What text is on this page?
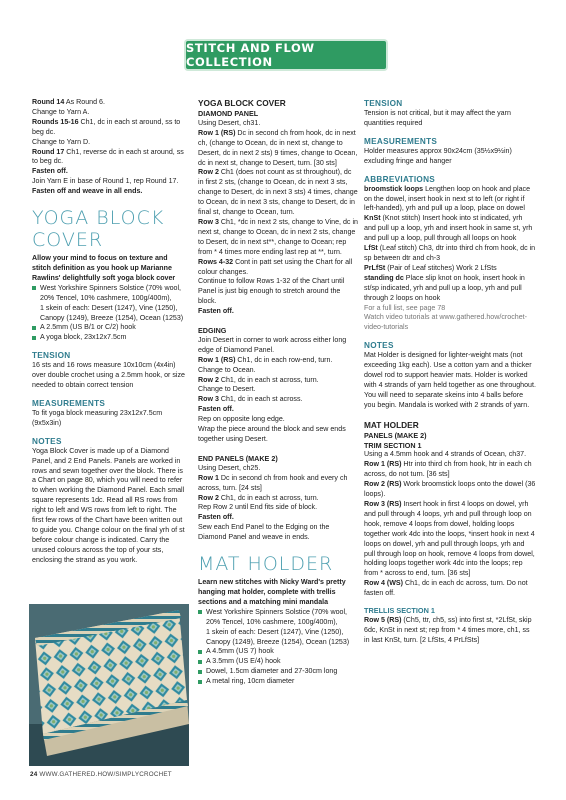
STITCH AND FLOW COLLECTION

Round 14 As Round 6.

Change to Yarn A.

Rounds 15-16 Ch1, dc in each st around, ss to beg dc.

Change to Yarn D.

Round 17 Ch1, reverse dc in each st around, ss to beg dc.

Fasten off.

Join Yarn E in base of Round 1, rep Round 17.

Fasten off and weave in all ends.

YOGA BLOCK COVER

Allow your mind to focus on texture and stitch definition as you hook up Marianne Rawlins' delightfully soft yoga block cover

West Yorkshire Spinners Solstice (70% wool, 20% Tencel, 10% cashmere, 100g/400m),
1 skein of each: Desert (1247), Vine (1250), Canopy (1249), Breeze (1254), Ocean (1253)

A 2.5mm (US B/1 or C/2) hook

A yoga block, 23x12x7.5cm

TENSION

16 sts and 16 rows measure 10x10cm (4x4in) over double crochet using a 2.5mm hook, or size needed to obtain correct tension

MEASUREMENTS

To fit yoga block measuring 23x12x7.5cm (9x5x3in)

NOTES

Yoga Block Cover is made up of a Diamond Panel, and 2 End Panels. Panels are worked in rows and sewn together over the block. There is a Chart on page 80, which you will need to refer to when working the Diamond Panel. Each small square represents 1dc. Read all RS rows from right to left and WS rows from left to right. The first few rows of the Chart have been written out to guide you. Change colour on the final yrh of st before colour change is indicated. Carry the unused colours across the top of your sts, enclosing the strand as you work.

YOGA BLOCK COVER
DIAMOND PANEL

Using Desert, ch31.

Row 1 (RS) Dc in second ch from hook, dc in next ch, (change to Ocean, dc in next st, change to Desert, dc in next 2 sts) 9 times, change to Ocean, dc in next st, change to Desert, turn. [30 sts]

Row 2 Ch1 (does not count as st throughout), dc in first 2 sts, (change to Ocean, dc in next 3 sts, change to Desert, dc in next 3 sts) 4 times, change to Ocean, dc in next 3 sts, change to Desert, dc in final st, change to Ocean, turn.

Row 3 Ch1, *dc in next 2 sts, change to Vine, dc in next st, change to Ocean, dc in next 2 sts, change to Desert, dc in next st**, change to Ocean; rep from * 4 times more ending last rep at **, turn.

Rows 4-32 Cont in patt set using the Chart for all colour changes.

Continue to follow Rows 1-32 of the Chart until Panel is just big enough to stretch around the block.

Fasten off.

EDGING

Join Desert in corner to work across either long edge of Diamond Panel.

Row 1 (RS) Ch1, dc in each row-end, turn.

Change to Ocean.

Row 2 Ch1, dc in each st across, turn.

Change to Desert.

Row 3 Ch1, dc in each st across.

Fasten off.

Rep on opposite long edge.

Wrap the piece around the block and sew ends together using Desert.

END PANELS (MAKE 2)

Using Desert, ch25.

Row 1 Dc in second ch from hook and every ch across, turn. [24 sts]

Row 2 Ch1, dc in each st across, turn.

Rep Row 2 until End fits side of block.

Fasten off.

Sew each End Panel to the Edging on the Diamond Panel and weave in ends.

MAT HOLDER

Learn new stitches with Nicky Ward's pretty hanging mat holder, complete with trellis sections and a matching mini mandala

West Yorkshire Spinners Solstice (70% wool, 20% Tencel, 10% cashmere, 100g/400m),
1 skein of each: Desert (1247), Vine (1250), Canopy (1249), Breeze (1254), Ocean (1253)

A 4.5mm (US 7) hook

A 3.5mm (US E/4) hook

Dowel, 1.5cm diameter and 27-30cm long

A metal ring, 10cm diameter

TENSION

Tension is not critical, but it may affect the yarn quantities required

MEASUREMENTS

Holder measures approx 90x24cm (35½x9½in) excluding fringe and hanger

ABBREVIATIONS

broomstick loops Lengthen loop on hook and place on the dowel, insert hook in next st to left (or right if left-handed), yrh and pull up a loop, place on dowel

KnSt (Knot stitch) Insert hook into st indicated, yrh and pull up a loop, yrh and insert hook in same st, yrh and pull up a loop, pull through all loops on hook

LfSt (Leaf stitch) Ch3, dtr into third ch from hook, dc in sp between dtr and ch-3

PrLfSt (Pair of Leaf stitches) Work 2 LfSts

standing dc Place slip knot on hook, insert hook in st/sp indicated, yrh and pull up a loop, yrh and pull through 2 loops on hook

For a full list, see page 78

Watch video tutorials at www.gathered.how/crochet-video-tutorials

NOTES

Mat Holder is designed for lighter-weight mats (not exceeding 1kg each). Use a cotton yarn and a thicker dowel rod to support heavier mats. Holder is worked with 4 strands of yarn held together as one throughout. You will need to separate skeins into 4 balls before you begin. Mandala is worked with 2 strands of yarn.

MAT HOLDER
PANELS (MAKE 2)
TRIM SECTION 1

Using a 4.5mm hook and 4 strands of Ocean, ch37.

Row 1 (RS) Htr into third ch from hook, htr in each ch across, do not turn. [36 sts]

Row 2 (RS) Work broomstick loops onto the dowel (36 loops).

Row 3 (RS) Insert hook in first 4 loops on dowel, yrh and pull through 4 loops, yrh and pull through loop on hook, remove 4 loops from dowel, holding loops together work 4dc into the loops, *insert hook in next 4 loops on dowel, yrh and pull through loops, yrh and pull through loop on hook, remove 4 loops from dowel, holding loops together work 4dc into the loops; rep from * across to end, turn. [36 sts]

Row 4 (WS) Ch1, dc in each dc across, turn. Do not fasten off.

TRELLIS SECTION 1

Row 5 (RS) (Ch5, ttr, ch5, ss) into first st, *2LfSt, skip 6dc, KnSt in next st; rep from * 4 times more, ch1, ss in last KnSt, turn. [2 LfSts, 4 PrLfSts]

24 WWW.GATHERED.HOW/SIMPLYCROCHET
